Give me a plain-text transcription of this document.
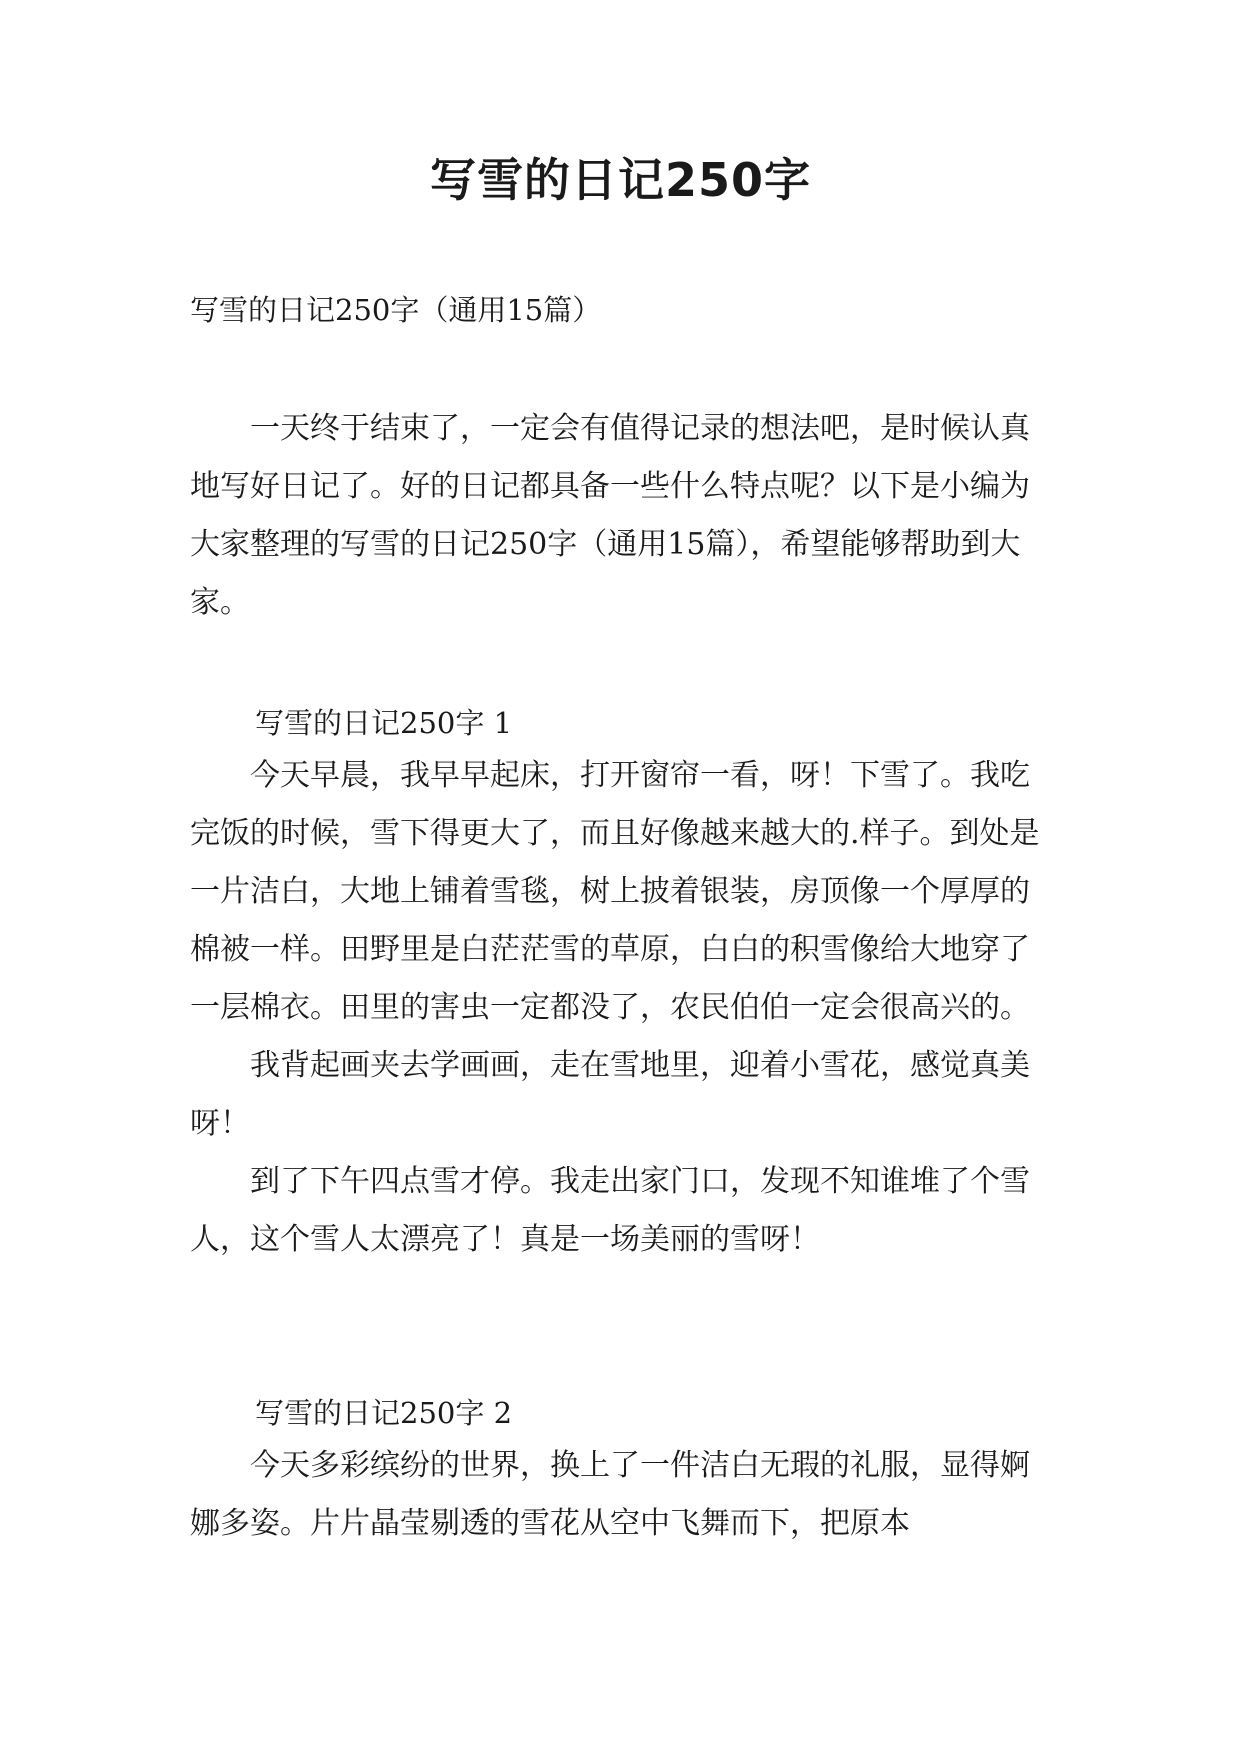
写雪的日记250字
写雪的日记250字（通用15篇）

一天终于结束了，一定会有值得记录的想法吧，是时候认真地写好日记了。好的日记都具备一些什么特点呢？以下是小编为大家整理的写雪的日记250字（通用15篇），希望能够帮助到大家。

写雪的日记250字 1

今天早晨，我早早起床，打开窗帘一看，呀！下雪了。我吃完饭的时候，雪下得更大了，而且好像越来越大的.样子。到处是一片洁白，大地上铺着雪毯，树上披着银装，房顶像一个厚厚的棉被一样。田野里是白茫茫雪的草原，白白的积雪像给大地穿了一层棉衣。田里的害虫一定都没了，农民伯伯一定会很高兴的。

我背起画夹去学画画，走在雪地里，迎着小雪花，感觉真美呀！

到了下午四点雪才停。我走出家门口，发现不知谁堆了个雪人，这个雪人太漂亮了！真是一场美丽的雪呀！

写雪的日记250字 2

今天多彩缤纷的世界，换上了一件洁白无瑕的礼服，显得婀娜多姿。片片晶莹剔透的雪花从空中飞舞而下，把原本
